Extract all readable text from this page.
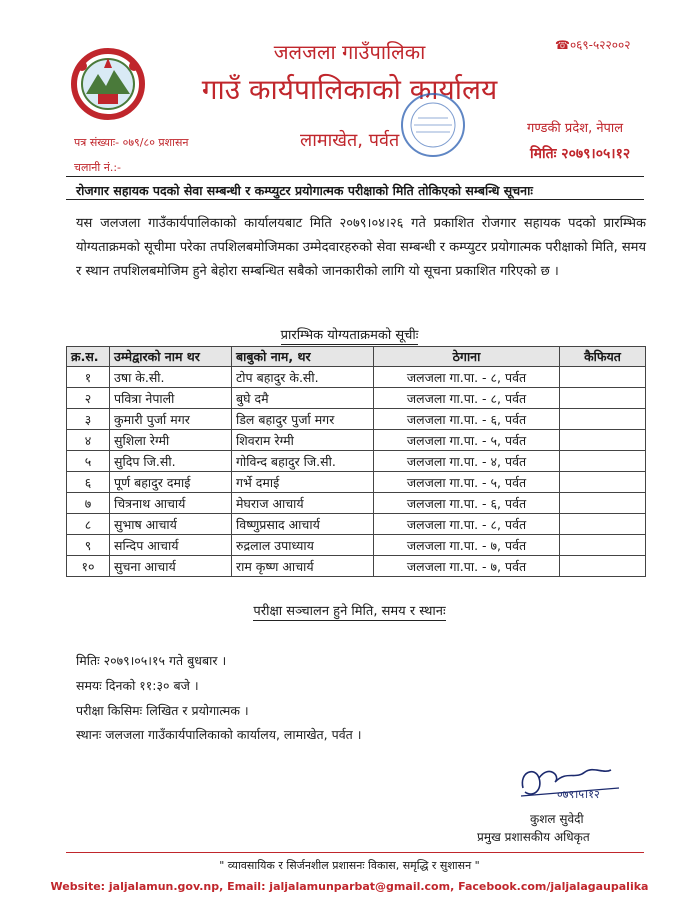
जलजला गाउँपालिका
गाउँ कार्यपालिकाको कार्यालय
लामाखेत, पर्वत
☎०६९-५२२००२
गण्डकी प्रदेश, नेपाल
मितिः २०७९।०५।१२
पत्र संख्याः- ०७९/८० प्रशासन
चलानी नं.:-
रोजगार सहायक पदको सेवा सम्बन्धी र कम्प्युटर प्रयोगात्मक परीक्षाको मिति तोकिएको सम्बन्धि सूचनाः
यस जलजला गाउँकार्यपालिकाको कार्यालयबाट मिति २०७९।०४।२६ गते प्रकाशित रोजगार सहायक पदको प्रारम्भिक योग्यताक्रमको सूचीमा परेका तपशिलबमोजिमका उम्मेदवारहरुको सेवा सम्बन्धी र कम्प्युटर प्रयोगात्मक परीक्षाको मिति, समय र स्थान तपशिलबमोजिम हुने बेहोरा सम्बन्धित सबैको जानकारीको लागि यो सूचना प्रकाशित गरिएको छ ।
प्रारम्भिक योग्यताक्रमको सूचीः
क्र.स.	उम्मेद्वारको नाम थर	बाबुको नाम, थर	ठेगाना	कैफियत
१	उषा के.सी.	टोप बहादुर के.सी.	जलजला गा.पा. - ८, पर्वत	
२	पवित्रा नेपाली	बुघे दमै	जलजला गा.पा. - ८, पर्वत	
३	कुमारी पुर्जा मगर	डिल बहादुर पुर्जा मगर	जलजला गा.पा. - ६, पर्वत	
४	सुशिला रेग्मी	शिवराम रेग्मी	जलजला गा.पा. - ५, पर्वत	
५	सुदिप जि.सी.	गोविन्द बहादुर जि.सी.	जलजला गा.पा. - ४, पर्वत	
६	पूर्ण बहादुर दमाई	गर्भे दमाई	जलजला गा.पा. - ५, पर्वत	
७	चित्रनाथ आचार्य	मेघराज आचार्य	जलजला गा.पा. - ६, पर्वत	
८	सुभाष आचार्य	विष्णुप्रसाद आचार्य	जलजला गा.पा. - ८, पर्वत	
९	सन्दिप आचार्य	रुद्रलाल उपाध्याय	जलजला गा.पा. - ७, पर्वत	
१०	सुचना आचार्य	राम कृष्ण आचार्य	जलजला गा.पा. - ७, पर्वत	
परीक्षा सञ्चालन हुने मिति, समय र स्थानः
मितिः २०७९।०५।१५ गते बुधबार ।
समयः दिनको ११:३० बजे ।
परीक्षा किसिमः लिखित र प्रयोगात्मक ।
स्थानः जलजला गाउँकार्यपालिकाको कार्यालय, लामाखेत, पर्वत ।
०७९।५।१२
कुशल सुवेदी
प्रमुख प्रशासकीय अधिकृत
" व्यावसायिक र सिर्जनशील प्रशासनः विकास, समृद्धि र सुशासन "
Website: jaljalamun.gov.np, Email: jaljalamunparbat@gmail.com, Facebook.com/jaljalagaupalika
